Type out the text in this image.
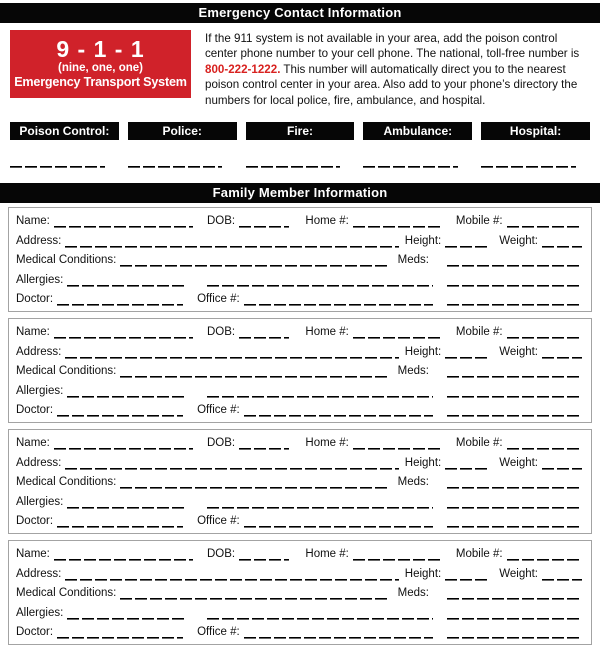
Emergency Contact Information
9 - 1 - 1
(nine, one, one)
Emergency Transport System
If the 911 system is not available in your area, add the poison control center phone number to your cell phone. The national, toll-free number is 800-222-1222. This number will automatically direct you to the nearest poison control center in your area. Also add to your phone’s directory the numbers for local police, fire, ambulance, and hospital.
Poison Control:	Police:	Fire:	Ambulance:	Hospital:
Family Member Information
Name:	DOB:	Home #:	Mobile #:
Address:	Height:	Weight:
Medical Conditions:	Meds:
Allergies:
Doctor:	Office #:
Name:	DOB:	Home #:	Mobile #:
Address:	Height:	Weight:
Medical Conditions:	Meds:
Allergies:
Doctor:	Office #:
Name:	DOB:	Home #:	Mobile #:
Address:	Height:	Weight:
Medical Conditions:	Meds:
Allergies:
Doctor:	Office #:
Name:	DOB:	Home #:	Mobile #:
Address:	Height:	Weight:
Medical Conditions:	Meds:
Allergies:
Doctor:	Office #:
